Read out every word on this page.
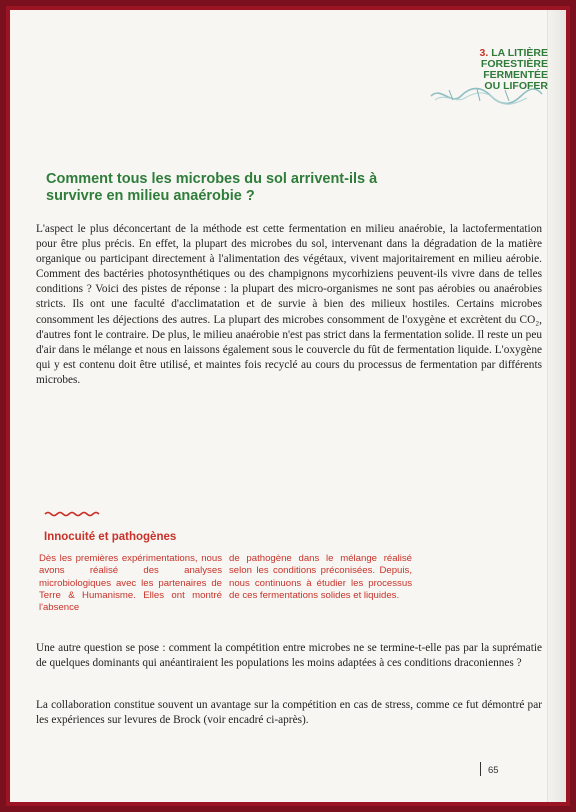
3. LA LITIÈRE
FORESTIÈRE
FERMENTÉE
OU LIFOFER
Comment tous les microbes du sol arrivent-ils à survivre en milieu anaérobie ?

L'aspect le plus déconcertant de la méthode est cette fermentation en milieu anaérobie, la lactofermentation pour être plus précis. En effet, la plupart des microbes du sol, intervenant dans la dégradation de la matière organique ou participant directement à l'alimentation des végétaux, vivent majoritairement en milieu aérobie. Comment des bactéries photosynthétiques ou des champignons mycorhiziens peuvent-ils vivre dans de telles conditions ? Voici des pistes de réponse : la plupart des micro-organismes ne sont pas aérobies ou anaérobies stricts. Ils ont une faculté d'acclimatation et de survie à bien des milieux hostiles. Certains microbes consomment les déjections des autres. La plupart des microbes consomment de l'oxygène et excrètent du CO₂, d'autres font le contraire. De plus, le milieu anaérobie n'est pas strict dans la fermentation solide. Il reste un peu d'air dans le mélange et nous en laissons également sous le couvercle du fût de fermentation liquide. L'oxygène qui y est contenu doit être utilisé, et maintes fois recyclé au cours du processus de fermentation par différents microbes.

Innocuité et pathogènes

Dès les premières expérimentations, nous avons réalisé des analyses microbiologiques avec les partenaires de Terre & Humanisme. Elles ont montré l'absence

de pathogène dans le mélange réalisé selon les conditions préconisées. Depuis, nous continuons à étudier les processus de ces fermentations solides et liquides.

Une autre question se pose : comment la compétition entre microbes ne se termine-t-elle pas par la suprématie de quelques dominants qui anéantiraient les populations les moins adaptées à ces conditions draconiennes ?

La collaboration constitue souvent un avantage sur la compétition en cas de stress, comme ce fut démontré par les expériences sur levures de Brock (voir encadré ci-après).

65
